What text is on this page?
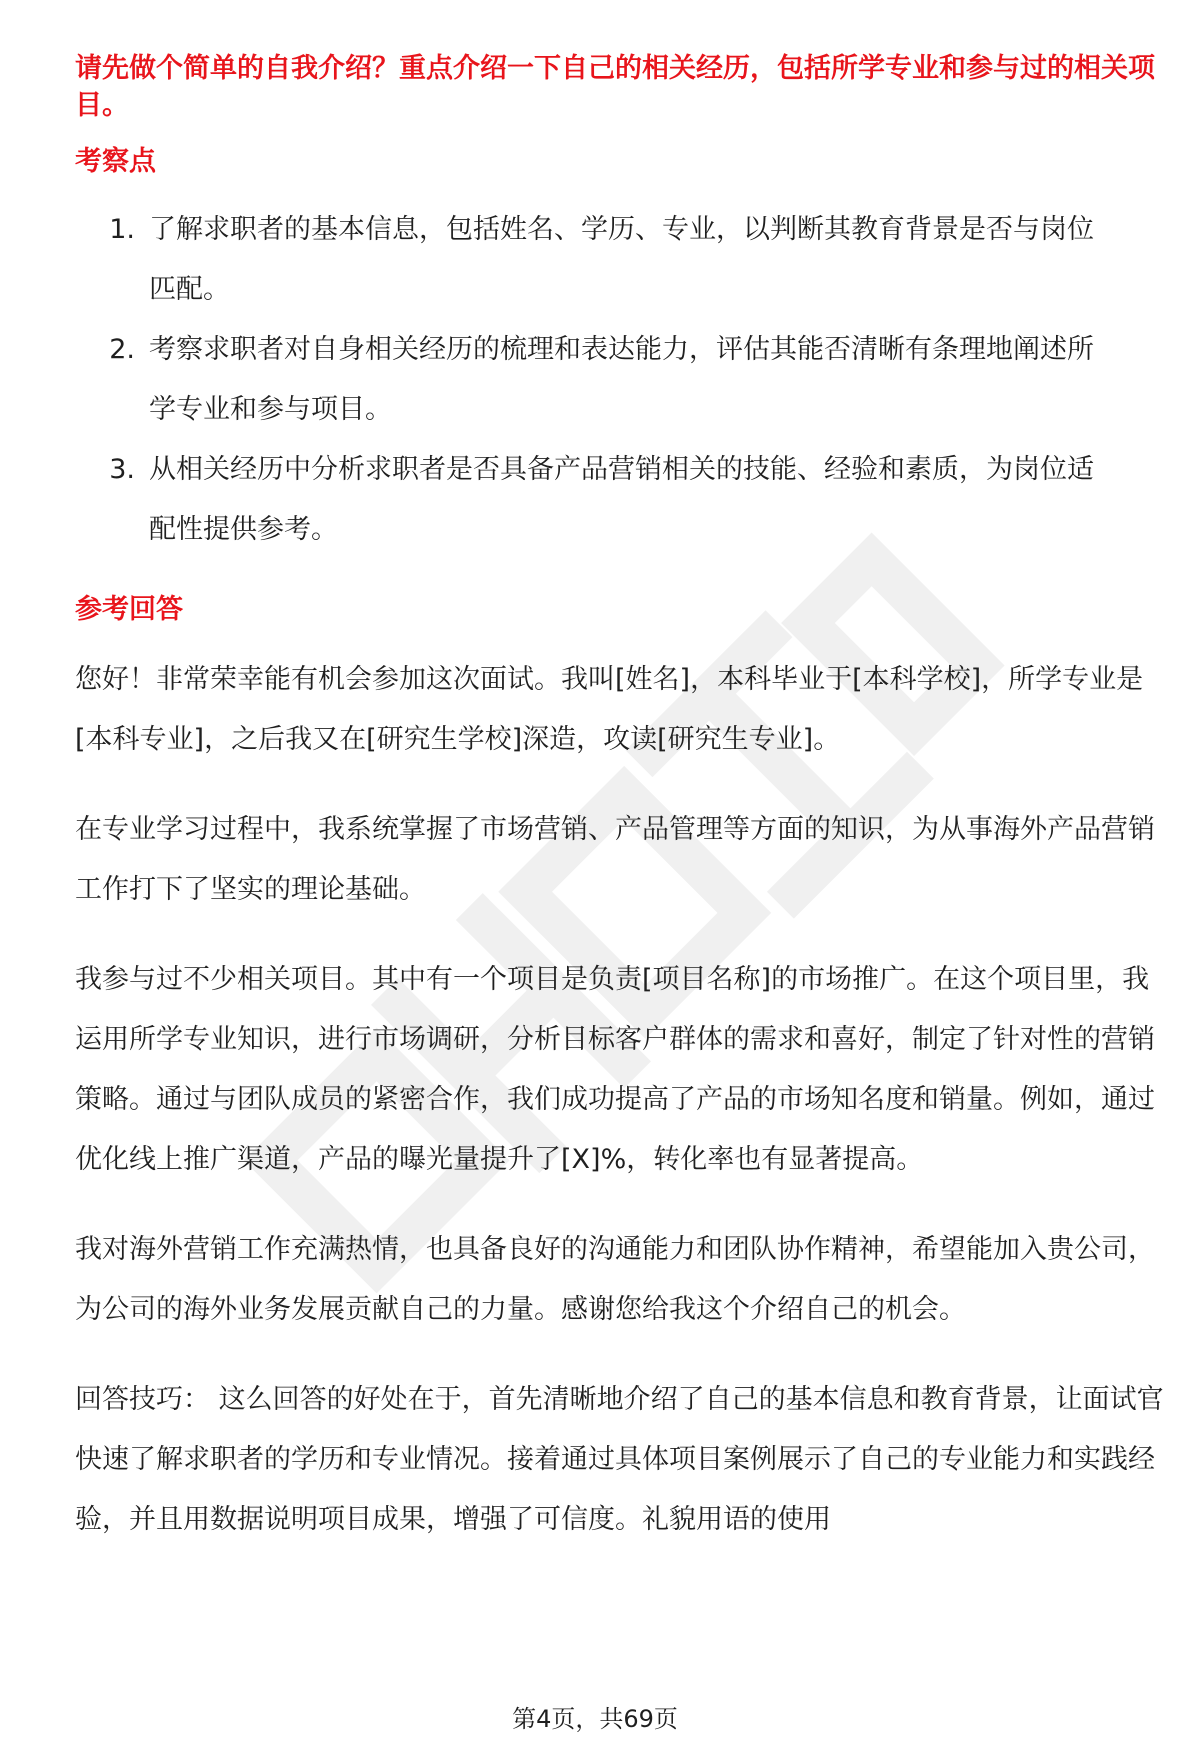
请先做个简单的自我介绍？重点介绍一下自己的相关经历，包括所学专业和参与过的相关项目。

考察点
1. 了解求职者的基本信息，包括姓名、学历、专业，以判断其教育背景是否与岗位匹配。
2. 考察求职者对自身相关经历的梳理和表达能力，评估其能否清晰有条理地阐述所学专业和参与项目。
3. 从相关经历中分析求职者是否具备产品营销相关的技能、经验和素质，为岗位适配性提供参考。
参考回答

您好！非常荣幸能有机会参加这次面试。我叫[姓名]，本科毕业于[本科学校]，所学专业是[本科专业]，之后我又在[研究生学校]深造，攻读[研究生专业]。

在专业学习过程中，我系统掌握了市场营销、产品管理等方面的知识，为从事海外产品营销工作打下了坚实的理论基础。

我参与过不少相关项目。其中有一个项目是负责[项目名称]的市场推广。在这个项目里，我运用所学专业知识，进行市场调研，分析目标客户群体的需求和喜好，制定了针对性的营销策略。通过与团队成员的紧密合作，我们成功提高了产品的市场知名度和销量。例如，通过优化线上推广渠道，产品的曝光量提升了[X]%，转化率也有显著提高。

我对海外营销工作充满热情，也具备良好的沟通能力和团队协作精神，希望能加入贵公司，为公司的海外业务发展贡献自己的力量。感谢您给我这个介绍自己的机会。

回答技巧： 这么回答的好处在于，首先清晰地介绍了自己的基本信息和教育背景，让面试官快速了解求职者的学历和专业情况。接着通过具体项目案例展示了自己的专业能力和实践经验，并且用数据说明项目成果，增强了可信度。礼貌用语的使用

第4页，共69页
